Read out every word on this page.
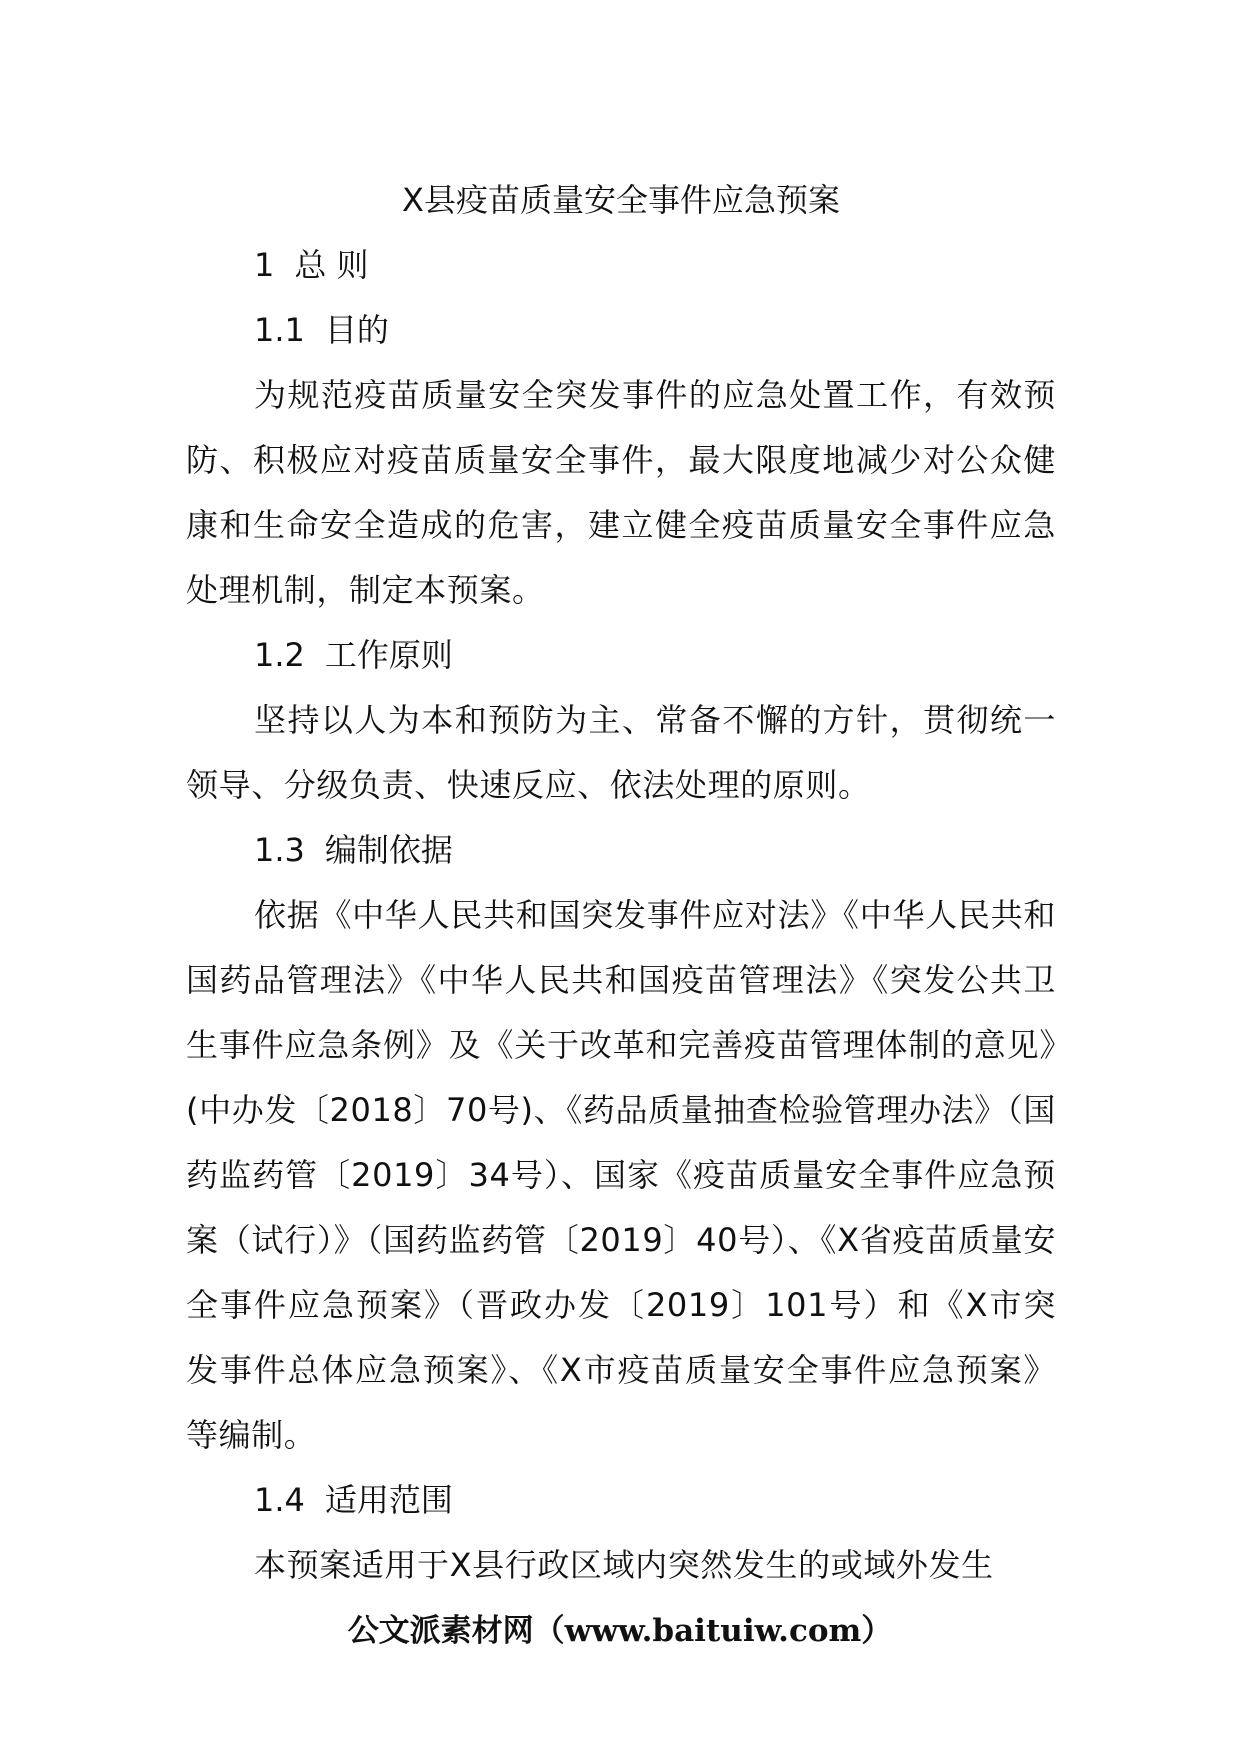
X县疫苗质量安全事件应急预案
1 总 则
1.1 目的

为规范疫苗质量安全突发事件的应急处置工作，有效预防、积极应对疫苗质量安全事件，最大限度地减少对公众健康和生命安全造成的危害，建立健全疫苗质量安全事件应急处理机制，制定本预案。

1.2 工作原则

坚持以人为本和预防为主、常备不懈的方针，贯彻统一领导、分级负责、快速反应、依法处理的原则。

1.3 编制依据

依据《中华人民共和国突发事件应对法》《中华人民共和国药品管理法》《中华人民共和国疫苗管理法》《突发公共卫生事件应急条例》及《关于改革和完善疫苗管理体制的意见》(中办发〔2018〕70号)、《药品质量抽查检验管理办法》（国药监药管〔2019〕34号）、国家《疫苗质量安全事件应急预案（试行）》（国药监药管〔2019〕40号）、《X省疫苗质量安全事件应急预案》（晋政办发〔2019〕101号）和《X市突发事件总体应急预案》、《X市疫苗质量安全事件应急预案》等编制。

1.4 适用范围

本预案适用于X县行政区域内突然发生的或域外发生

公文派素材网（www.baituiw.com）
